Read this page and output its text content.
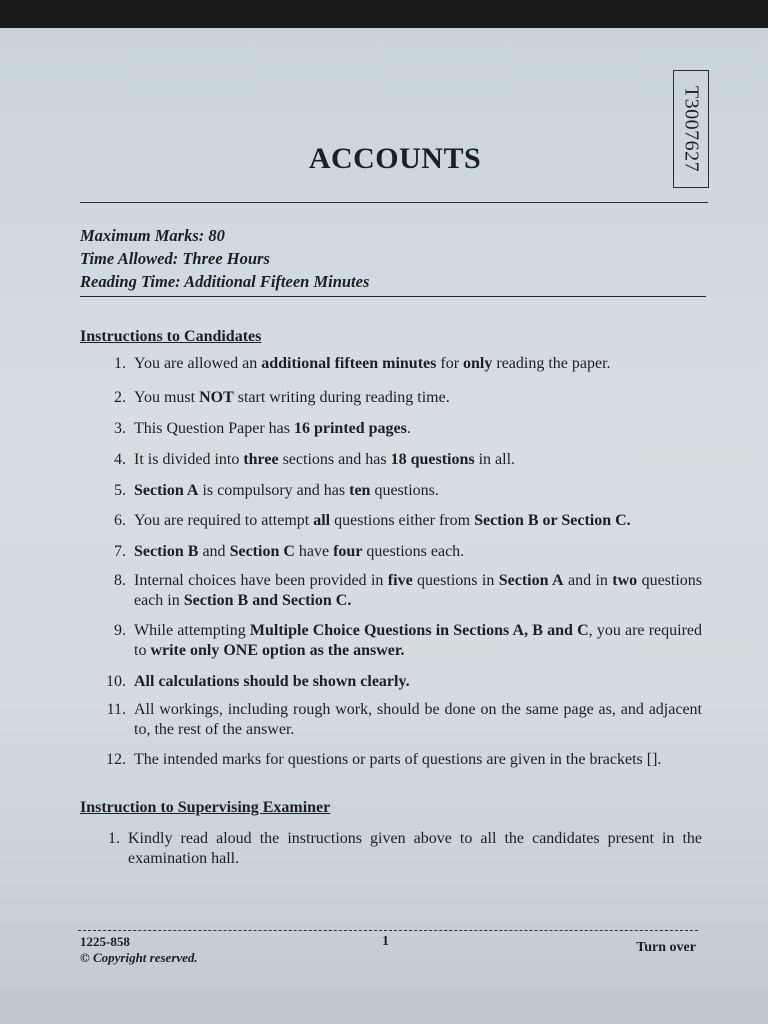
T3007627
ACCOUNTS
Maximum Marks: 80
Time Allowed: Three Hours
Reading Time: Additional Fifteen Minutes
Instructions to Candidates
1. You are allowed an additional fifteen minutes for only reading the paper.
2. You must NOT start writing during reading time.
3. This Question Paper has 16 printed pages.
4. It is divided into three sections and has 18 questions in all.
5. Section A is compulsory and has ten questions.
6. You are required to attempt all questions either from Section B or Section C.
7. Section B and Section C have four questions each.
8. Internal choices have been provided in five questions in Section A and in two questions each in Section B and Section C.
9. While attempting Multiple Choice Questions in Sections A, B and C, you are required to write only ONE option as the answer.
10. All calculations should be shown clearly.
11. All workings, including rough work, should be done on the same page as, and adjacent to, the rest of the answer.
12. The intended marks for questions or parts of questions are given in the brackets [].
Instruction to Supervising Examiner
1. Kindly read aloud the instructions given above to all the candidates present in the examination hall.
1225-858
© Copyright reserved.
1	Turn over
